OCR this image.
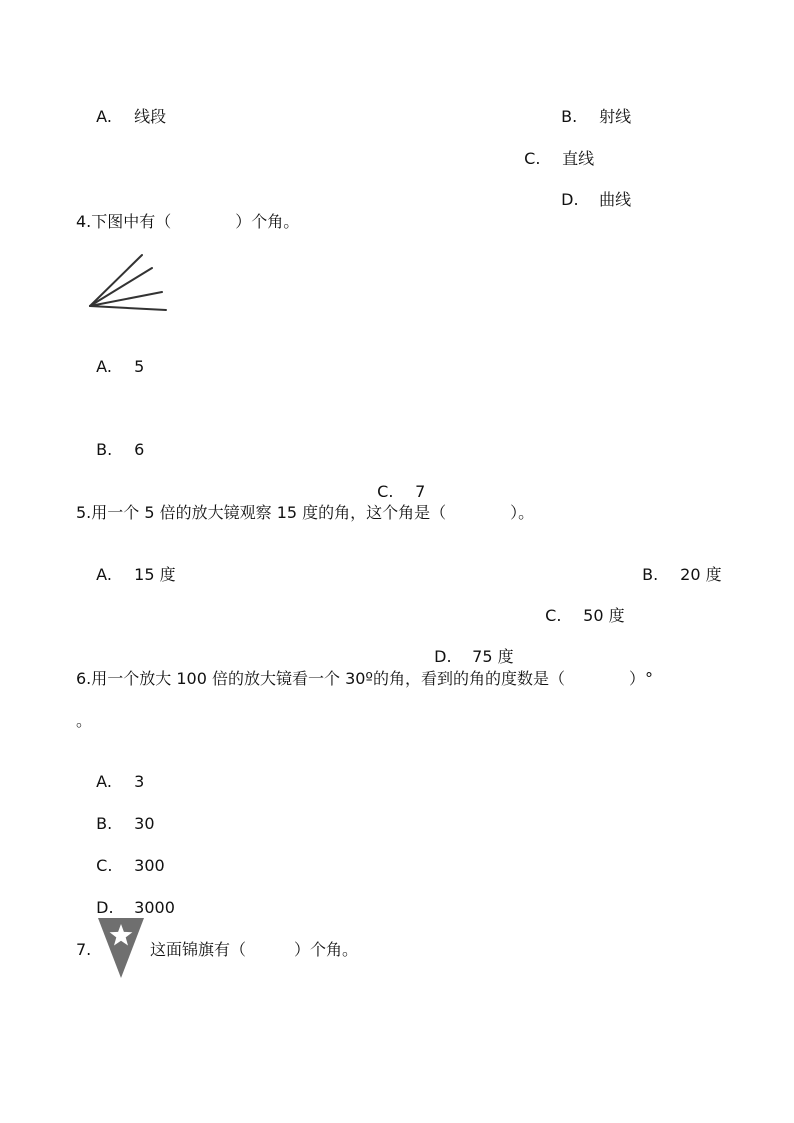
A. 线段	B. 射线

C. 直线

D. 曲线

4.下图中有（　　　　）个角。

A. 5

B. 6

C. 7

5.用一个 5 倍的放大镜观察 15 度的角，这个角是（　　　　）。

A. 15 度	B. 20 度

C. 50 度

D. 75 度

6.用一个放大 100 倍的放大镜看一个 30º的角，看到的角的度数是（　　　　）°
。

A. 3

B. 30

C. 300

D. 3000

7.	这面锦旗有（　　　）个角。
